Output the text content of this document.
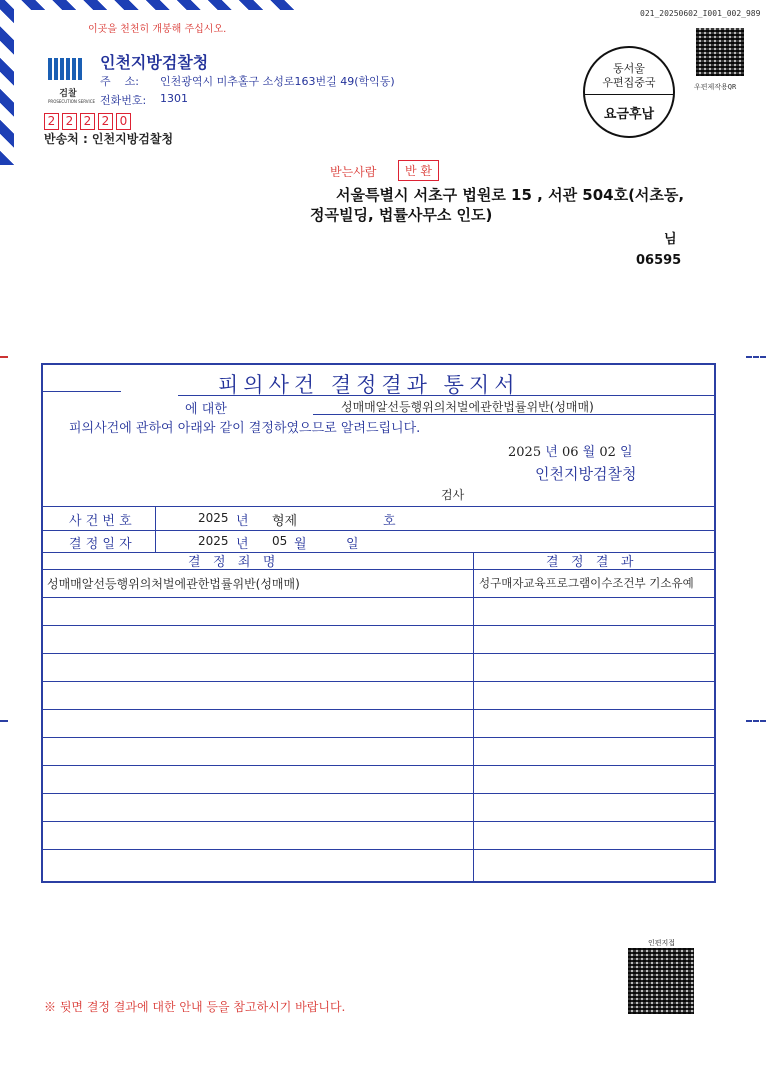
이곳을 천천히 개봉해 주십시오.
021_20250602_I001_002_989
검찰
PROSECUTION SERVICE
인천지방검찰청
주    소: 인천광역시 미추홀구 소성로163번길 49(학익동)
전화번호: 1301
2 2 2 2 0
반송처 : 인천지방검찰청
동서울
우편집중국
요금후납
우편제작용QR
받는사람	반 환
서울특별시 서초구 법원로 15 , 서관 504호(서초동,
정곡빌딩, 법률사무소 인도)
님
06595
피의사건 결정결과 통지서
에 대한	성매매알선등행위의처벌에관한법률위반(성매매)
피의사건에 관하여 아래와 같이 결정하였으므로 알려드립니다.
2025 년 06 월 02 일
인천지방검찰청
검사
사 건 번 호	2025 년 형제	호
결 정 일 자	2025 년 05 월	일
결   정   죄   명	결   정   결   과
성매매알선등행위의처벌에관한법률위반(성매매)	성구매자교육프로그램이수조건부 기소유예
※ 뒷면 결정 결과에 대한 안내 등을 참고하시기 바랍니다.
인편지접
